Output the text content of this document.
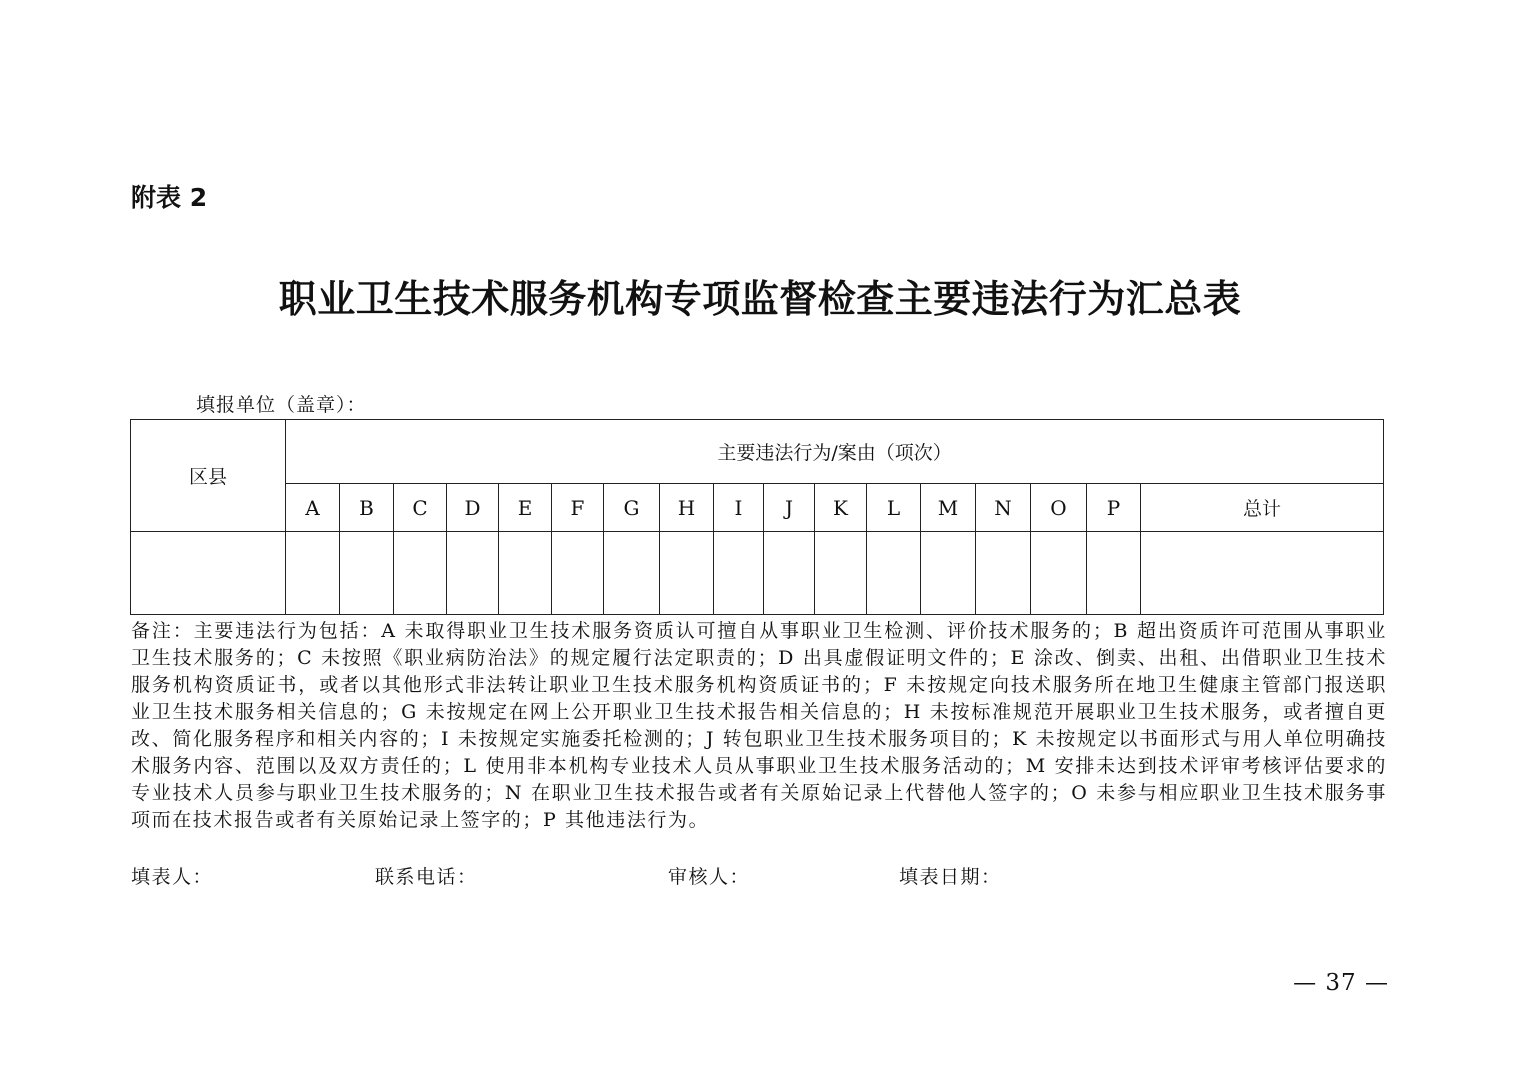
附表 2
职业卫生技术服务机构专项监督检查主要违法行为汇总表
填报单位（盖章）：
区县	主要违法行为/案由（项次）																
	A	B	C	D	E	F	G	H	I	J	K	L	M	N	O	P	总计

备注：主要违法行为包括：A 未取得职业卫生技术服务资质认可擅自从事职业卫生检测、评价技术服务的；B 超出资质许可范围从事职业卫生技术服务的；C 未按照《职业病防治法》的规定履行法定职责的；D 出具虚假证明文件的；E 涂改、倒卖、出租、出借职业卫生技术服务机构资质证书，或者以其他形式非法转让职业卫生技术服务机构资质证书的；F 未按规定向技术服务所在地卫生健康主管部门报送职业卫生技术服务相关信息的；G 未按规定在网上公开职业卫生技术报告相关信息的；H 未按标准规范开展职业卫生技术服务，或者擅自更改、简化服务程序和相关内容的；I 未按规定实施委托检测的；J 转包职业卫生技术服务项目的；K 未按规定以书面形式与用人单位明确技术服务内容、范围以及双方责任的；L 使用非本机构专业技术人员从事职业卫生技术服务活动的；M 安排未达到技术评审考核评估要求的专业技术人员参与职业卫生技术服务的；N 在职业卫生技术报告或者有关原始记录上代替他人签字的；O 未参与相应职业卫生技术服务事项而在技术报告或者有关原始记录上签字的；P 其他违法行为。
填表人：	联系电话：	审核人：	填表日期：
— 37 —
